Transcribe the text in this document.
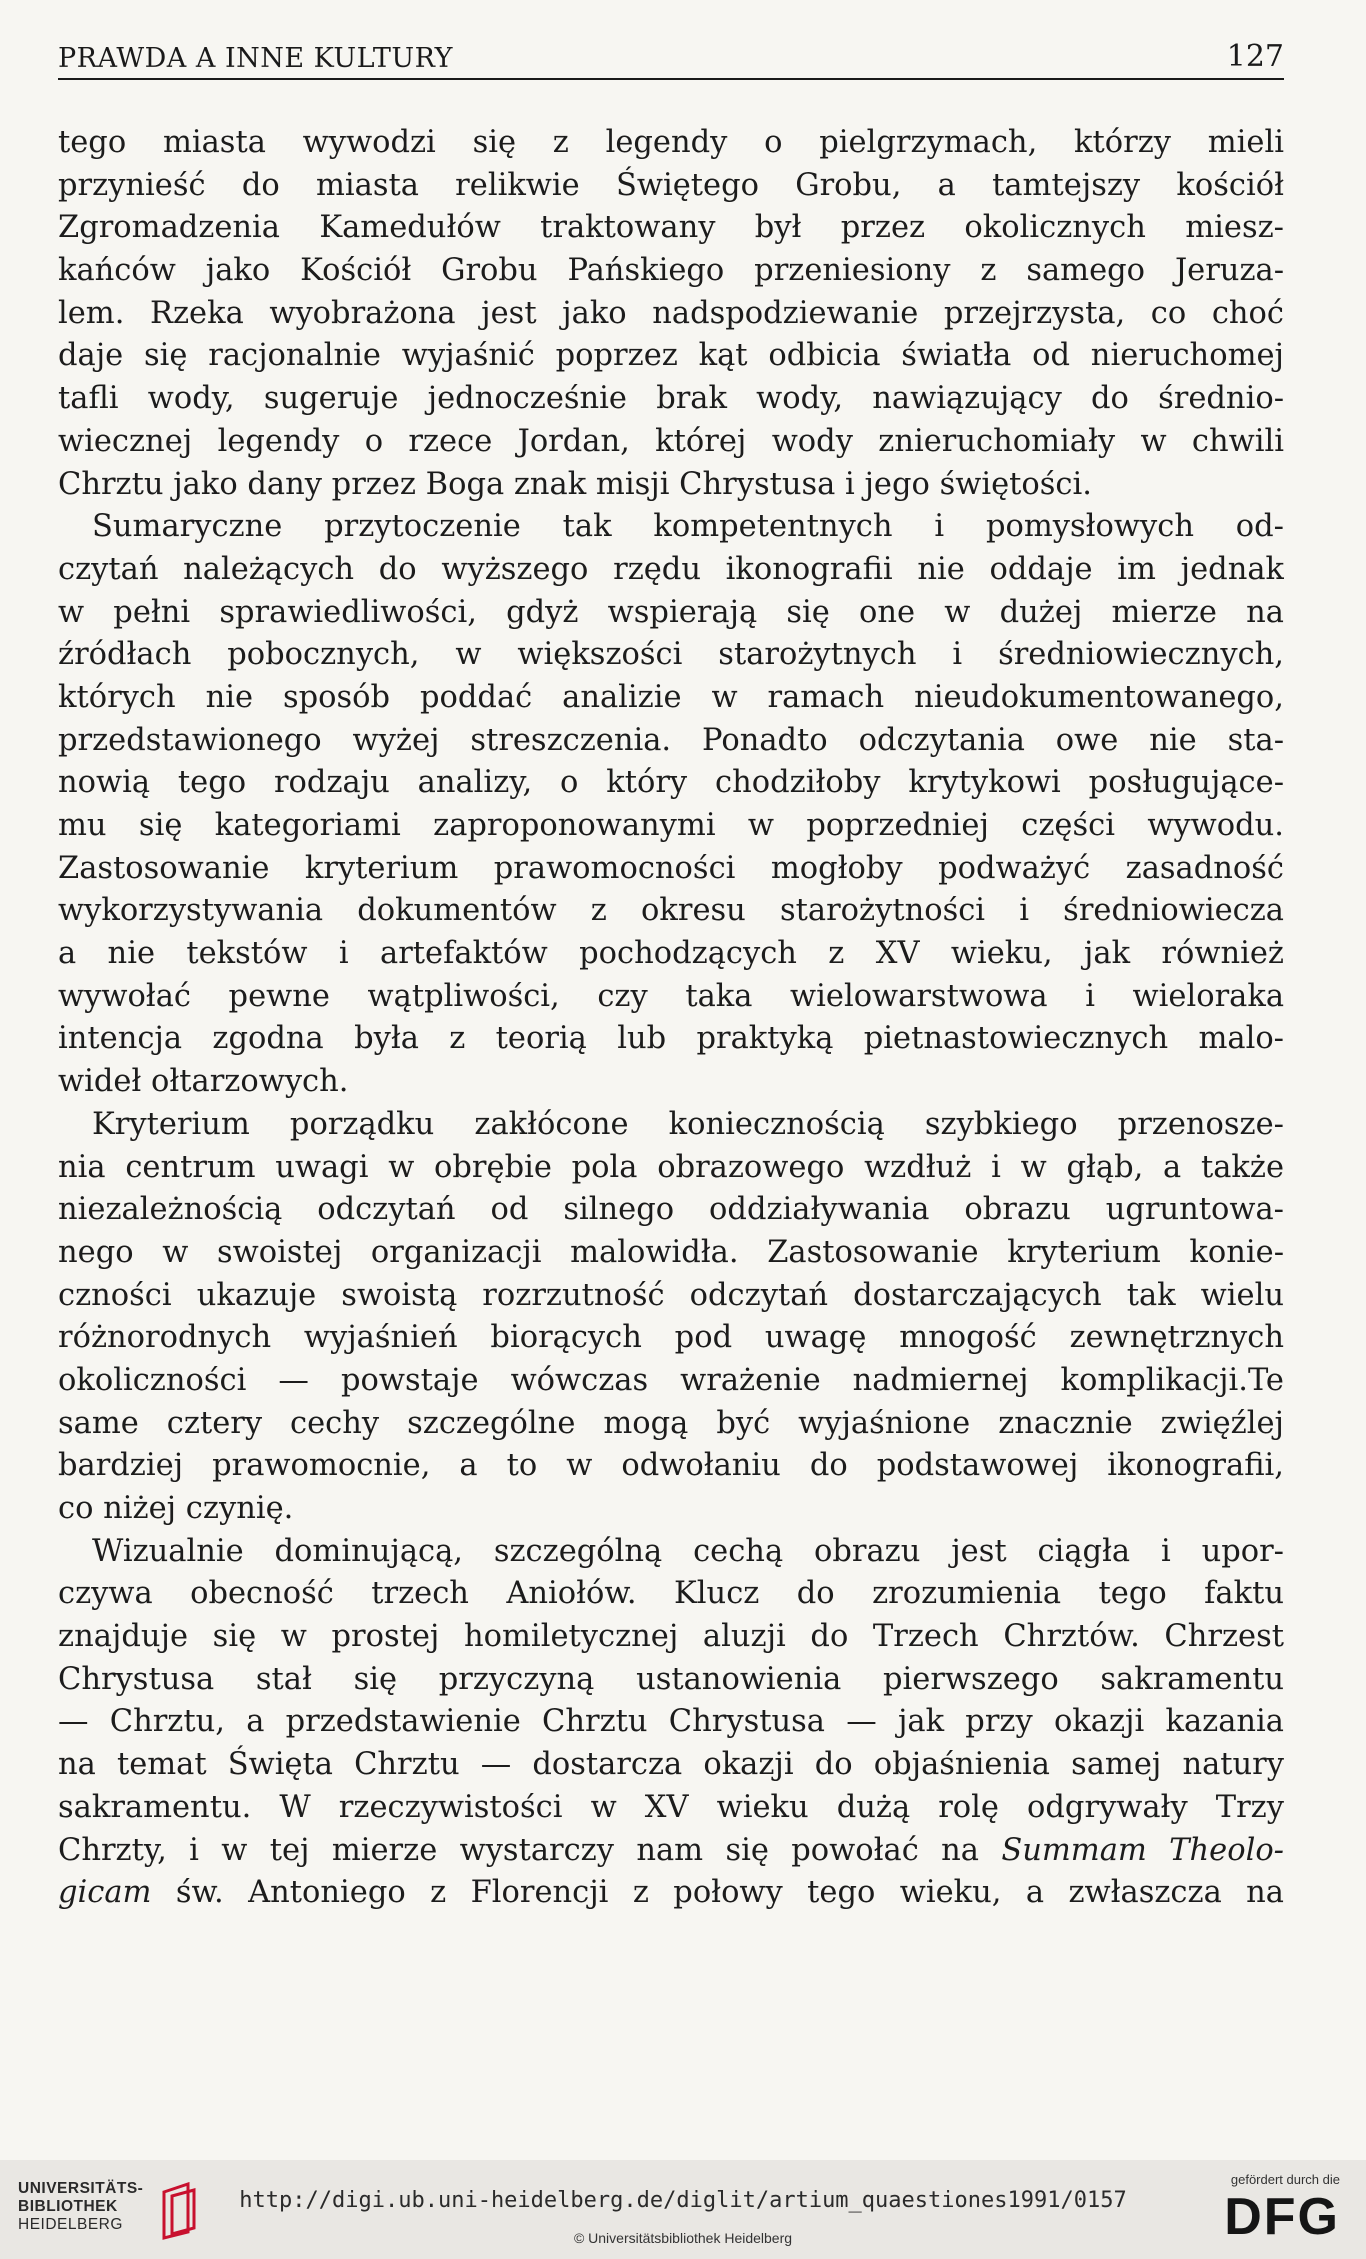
PRAWDA A INNE KULTURY	127
tego miasta wywodzi się z legendy o pielgrzymach, którzy mieli
przynieść do miasta relikwie Świętego Grobu, a tamtejszy kościół
Zgromadzenia Kamedułów traktowany był przez okolicznych miesz-
kańców jako Kościół Grobu Pańskiego przeniesiony z samego Jeruza-
lem. Rzeka wyobrażona jest jako nadspodziewanie przejrzysta, co choć
daje się racjonalnie wyjaśnić poprzez kąt odbicia światła od nieruchomej
tafli wody, sugeruje jednocześnie brak wody, nawiązujący do średnio-
wiecznej legendy o rzece Jordan, której wody znieruchomiały w chwili
Chrztu jako dany przez Boga znak misji Chrystusa i jego świętości.
Sumaryczne przytoczenie tak kompetentnych i pomysłowych od-
czytań należących do wyższego rzędu ikonografii nie oddaje im jednak
w pełni sprawiedliwości, gdyż wspierają się one w dużej mierze na
źródłach pobocznych, w większości starożytnych i średniowiecznych,
których nie sposób poddać analizie w ramach nieudokumentowanego,
przedstawionego wyżej streszczenia. Ponadto odczytania owe nie sta-
nowią tego rodzaju analizy, o który chodziłoby krytykowi posługujące-
mu się kategoriami zaproponowanymi w poprzedniej części wywodu.
Zastosowanie kryterium prawomocności mogłoby podważyć zasadność
wykorzystywania dokumentów z okresu starożytności i średniowiecza
a nie tekstów i artefaktów pochodzących z XV wieku, jak również
wywołać pewne wątpliwości, czy taka wielowarstwowa i wieloraka
intencja zgodna była z teorią lub praktyką pietnastowiecznych malo-
wideł ołtarzowych.
Kryterium porządku zakłócone koniecznością szybkiego przenosze-
nia centrum uwagi w obrębie pola obrazowego wzdłuż i w głąb, a także
niezależnością odczytań od silnego oddziaływania obrazu ugruntowa-
nego w swoistej organizacji malowidła. Zastosowanie kryterium konie-
czności ukazuje swoistą rozrzutność odczytań dostarczających tak wielu
różnorodnych wyjaśnień biorących pod uwagę mnogość zewnętrznych
okoliczności — powstaje wówczas wrażenie nadmiernej komplikacji.Te
same cztery cechy szczególne mogą być wyjaśnione znacznie zwięźlej
bardziej prawomocnie, a to w odwołaniu do podstawowej ikonografii,
co niżej czynię.
Wizualnie dominującą, szczególną cechą obrazu jest ciągła i upor-
czywa obecność trzech Aniołów. Klucz do zrozumienia tego faktu
znajduje się w prostej homiletycznej aluzji do Trzech Chrztów. Chrzest
Chrystusa stał się przyczyną ustanowienia pierwszego sakramentu
— Chrztu, a przedstawienie Chrztu Chrystusa — jak przy okazji kazania
na temat Święta Chrztu — dostarcza okazji do objaśnienia samej natury
sakramentu. W rzeczywistości w XV wieku dużą rolę odgrywały Trzy
Chrzty, i w tej mierze wystarczy nam się powołać na Summam Theolo-
gicam św. Antoniego z Florencji z połowy tego wieku, a zwłaszcza na
UNIVERSITÄTS-
BIBLIOTHEK
HEIDELBERG
http://digi.ub.uni-heidelberg.de/diglit/artium_quaestiones1991/0157
© Universitätsbibliothek Heidelberg
gefördert durch die
DFG
